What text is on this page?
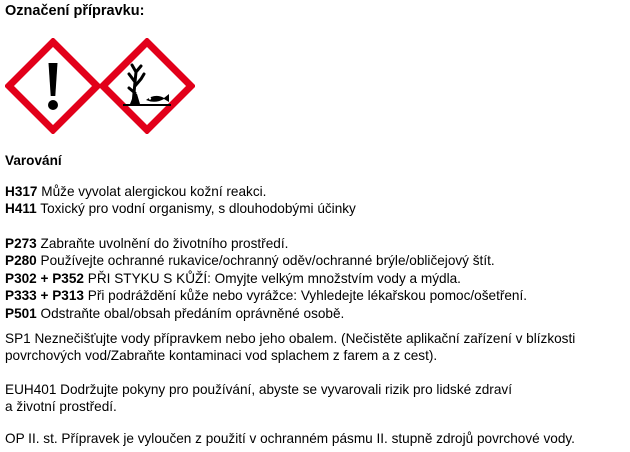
Označení přípravku:
Varování
H317 Může vyvolat alergickou kožní reakci.
H411 Toxický pro vodní organismy, s dlouhodobými účinky
P273 Zabraňte uvolnění do životního prostředí.
P280 Používejte ochranné rukavice/ochranný oděv/ochranné brýle/obličejový štít.
P302 + P352 PŘI STYKU S KŮŽÍ: Omyjte velkým množstvím vody a mýdla.
P333 + P313 Při podráždění kůže nebo vyrážce: Vyhledejte lékařskou pomoc/ošetření.
P501 Odstraňte obal/obsah předáním oprávněné osobě.
SP1 Neznečišťujte vody přípravkem nebo jeho obalem. (Nečistěte aplikační zařízení v blízkosti
povrchových vod/Zabraňte kontaminaci vod splachem z farem a z cest).
EUH401 Dodržujte pokyny pro používání, abyste se vyvarovali rizik pro lidské zdraví
a životní prostředí.
OP II. st. Přípravek je vyloučen z použití v ochranném pásmu II. stupně zdrojů povrchové vody.
